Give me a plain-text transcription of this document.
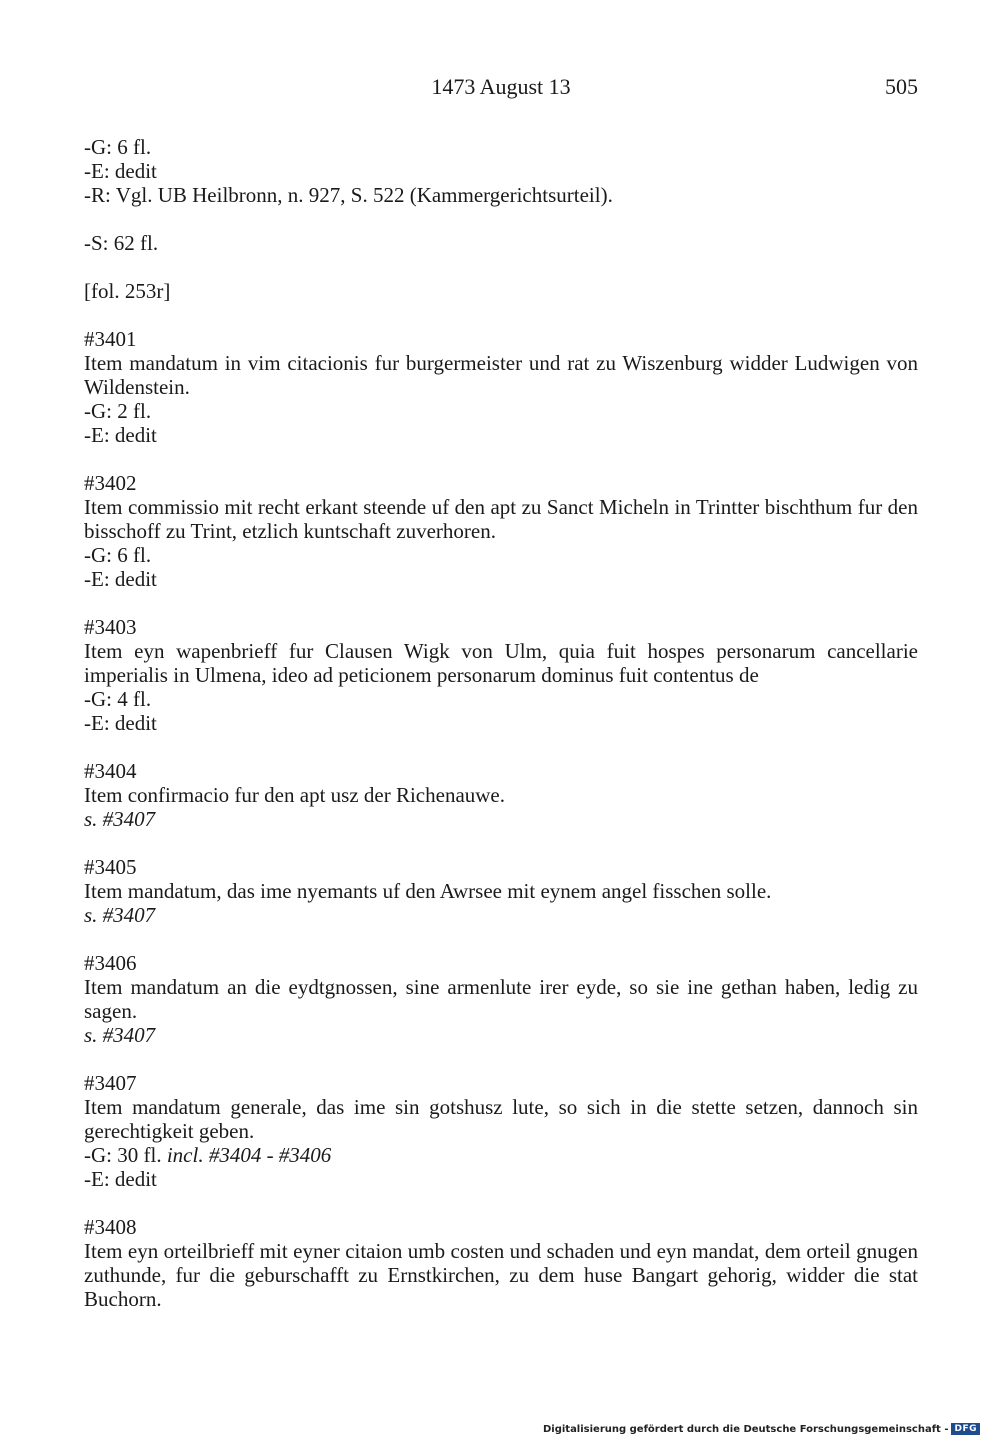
1473 August 13	505

-G: 6 fl.

-E: dedit

-R: Vgl. UB Heilbronn, n. 927, S. 522 (Kammergerichtsurteil).

-S: 62 fl.

[fol. 253r]

#3401

Item mandatum in vim citacionis fur burgermeister und rat zu Wiszenburg widder Ludwigen von Wildenstein.

-G: 2 fl.

-E: dedit

#3402

Item commissio mit recht erkant steende uf den apt zu Sanct Micheln in Trintter bischthum fur den bisschoff zu Trint, etzlich kuntschaft zuverhoren.

-G: 6 fl.

-E: dedit

#3403

Item eyn wapenbrieff fur Clausen Wigk von Ulm, quia fuit hospes personarum cancellarie imperialis in Ulmena, ideo ad peticionem personarum dominus fuit contentus de

-G: 4 fl.

-E: dedit

#3404

Item confirmacio fur den apt usz der Richenauwe.

s. #3407

#3405

Item mandatum, das ime nyemants uf den Awrsee mit eynem angel fisschen solle.

s. #3407

#3406

Item mandatum an die eydtgnossen, sine armenlute irer eyde, so sie ine gethan haben, ledig zu sagen.

s. #3407

#3407

Item mandatum generale, das ime sin gotshusz lute, so sich in die stette setzen, dannoch sin gerechtigkeit geben.

-G: 30 fl. incl. #3404 - #3406

-E: dedit

#3408

Item eyn orteilbrieff mit eyner citaion umb costen und schaden und eyn mandat, dem orteil gnugen zuthunde, fur die geburschafft zu Ernstkirchen, zu dem huse Bangart gehorig, widder die stat Buchorn.

Digitalisierung gefördert durch die Deutsche Forschungsgemeinschaft - DFG
